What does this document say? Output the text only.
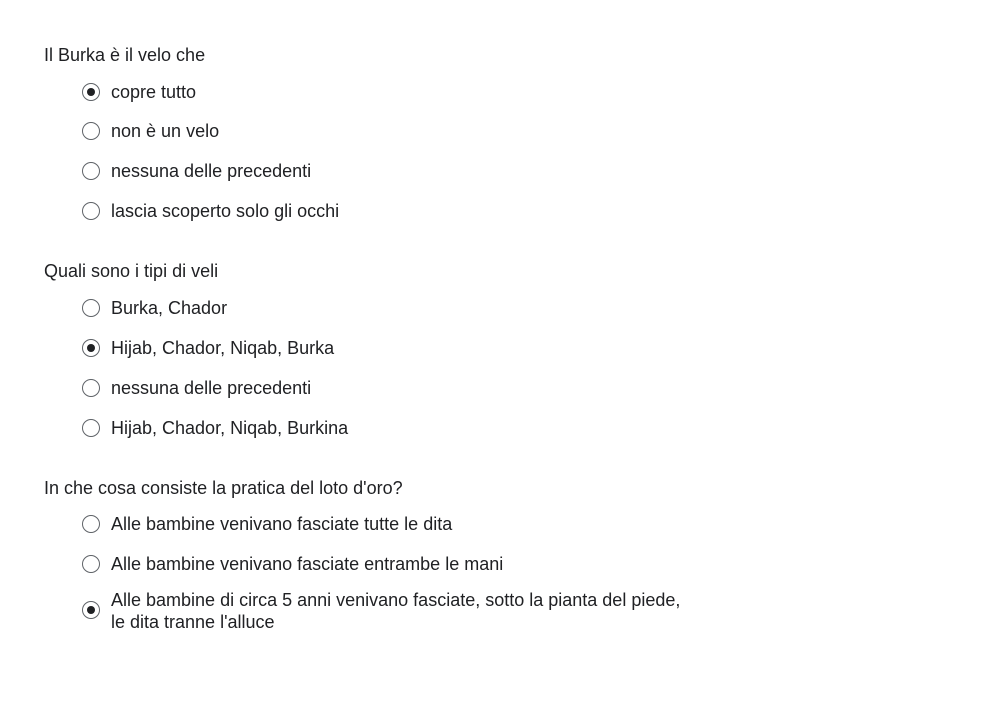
Il Burka è il velo che

copre tutto
non è un velo
nessuna delle precedenti
lascia scoperto solo gli occhi

Quali sono i tipi di veli

Burka, Chador
Hijab, Chador, Niqab, Burka
nessuna delle precedenti
Hijab, Chador, Niqab, Burkina

In che cosa consiste la pratica del loto d'oro?

Alle bambine venivano fasciate tutte le dita
Alle bambine venivano fasciate entrambe le mani
Alle bambine di circa 5 anni venivano fasciate, sotto la pianta del piede,
le dita tranne l'alluce
